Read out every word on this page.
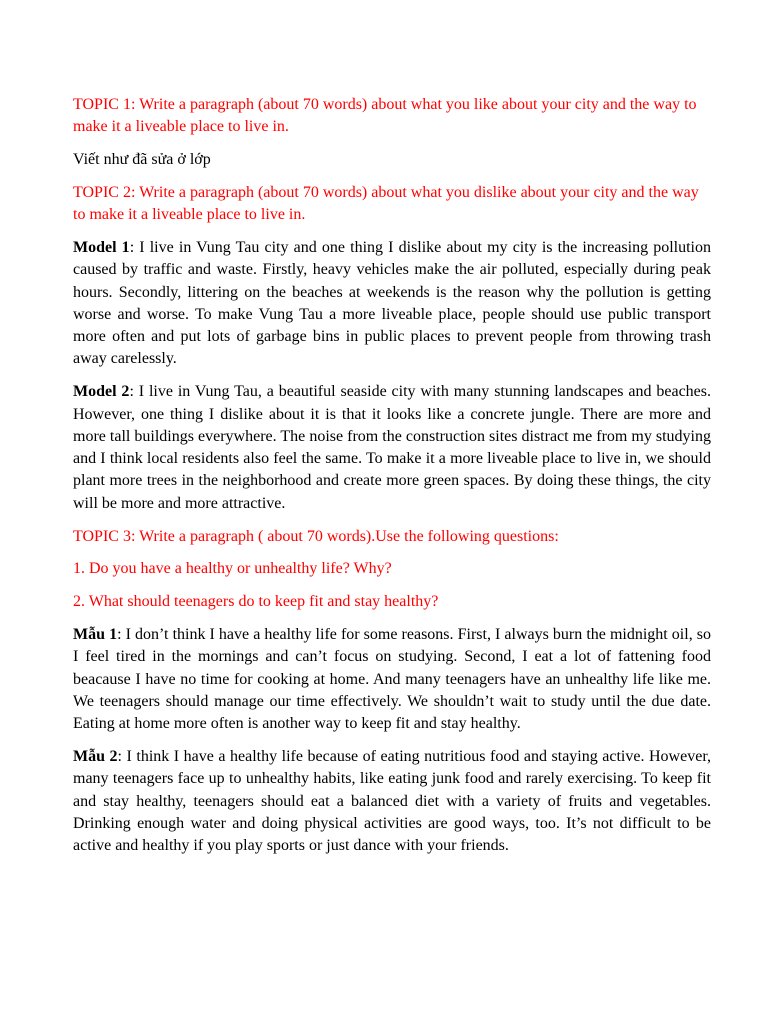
TOPIC 1: Write a paragraph (about 70 words) about what you like about your city and the way to make it a liveable place to live in.

Viết như đã sửa ở lớp

TOPIC 2: Write a paragraph (about 70 words) about what you dislike about your city and the way to make it a liveable place to live in.

Model 1: I live in Vung Tau city and one thing I dislike about my city is the increasing pollution caused by traffic and waste. Firstly, heavy vehicles make the air polluted, especially during peak hours. Secondly, littering on the beaches at weekends is the reason why the pollution is getting worse and worse. To make Vung Tau a more liveable place, people should use public transport more often and put lots of garbage bins in public places to prevent people from throwing trash away carelessly.

Model 2: I live in Vung Tau, a beautiful seaside city with many stunning landscapes and beaches. However, one thing I dislike about it is that it looks like a concrete jungle. There are more and more tall buildings everywhere. The noise from the construction sites distract me from my studying and I think local residents also feel the same. To make it a more liveable place to live in, we should plant more trees in the neighborhood and create more green spaces. By doing these things, the city will be more and more attractive.

TOPIC 3: Write a paragraph ( about 70 words).Use the following questions:

1. Do you have a healthy or unhealthy life? Why?

2. What should teenagers do to keep fit and stay healthy?

Mẫu 1: I don’t think I have a healthy life for some reasons. First, I always burn the midnight oil, so I feel tired in the mornings and can’t focus on studying. Second, I eat a lot of fattening food beacause I have no time for cooking at home. And many teenagers have an unhealthy life like me. We teenagers should manage our time effectively. We shouldn’t wait to study until the due date. Eating at home more often is another way to keep fit and stay healthy.

Mẫu 2: I think I have a healthy life because of eating nutritious food and staying active. However, many teenagers face up to unhealthy habits, like eating junk food and rarely exercising. To keep fit and stay healthy, teenagers should eat a balanced diet with a variety of fruits and vegetables. Drinking enough water and doing physical activities are good ways, too. It’s not difficult to be active and healthy if you play sports or just dance with your friends.
